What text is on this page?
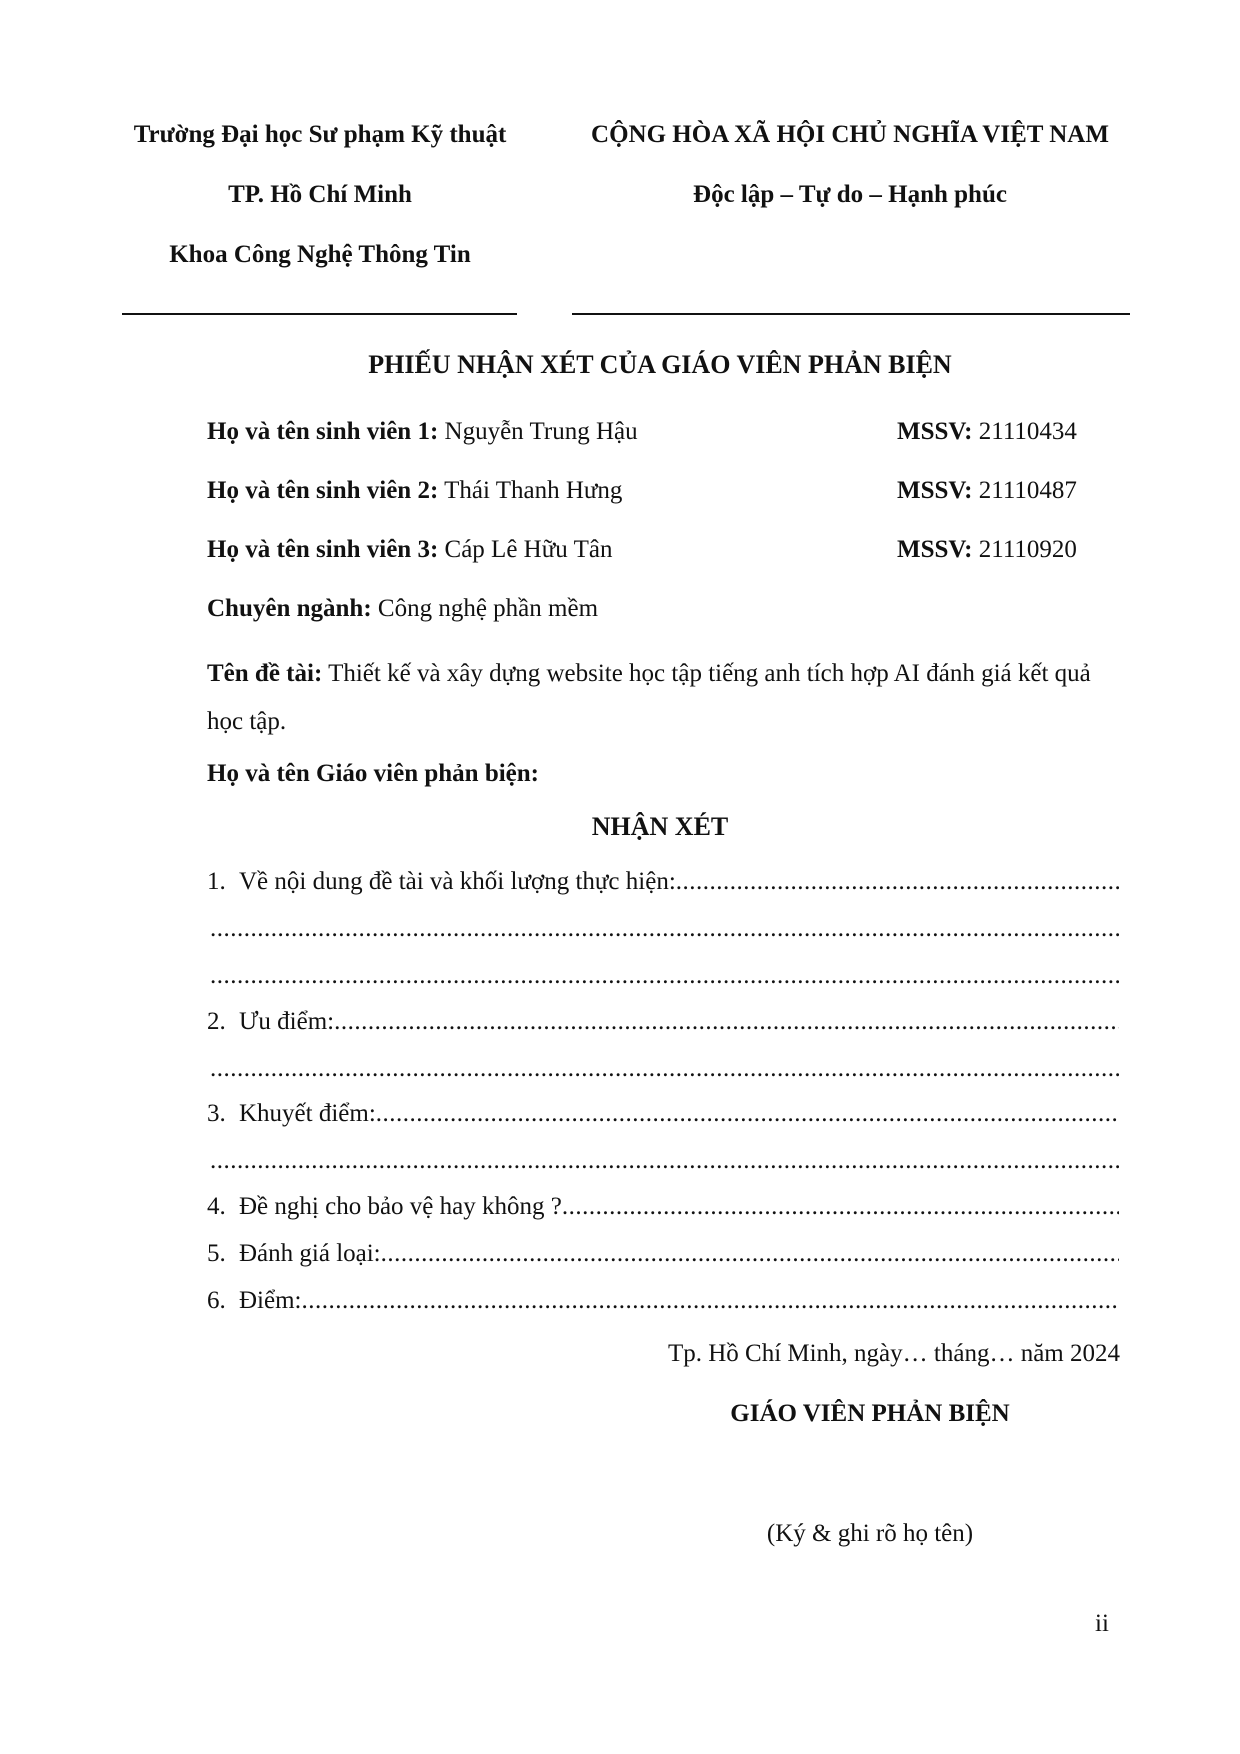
Trường Đại học Sư phạm Kỹ thuật
TP. Hồ Chí Minh
Khoa Công Nghệ Thông Tin
CỘNG HÒA XÃ HỘI CHỦ NGHĨA VIỆT NAM
Độc lập – Tự do – Hạnh phúc
PHIẾU NHẬN XÉT CỦA GIÁO VIÊN PHẢN BIỆN
Họ và tên sinh viên 1: Nguyễn Trung Hậu	MSSV: 21110434
Họ và tên sinh viên 2: Thái Thanh Hưng	MSSV: 21110487
Họ và tên sinh viên 3: Cáp Lê Hữu Tân	MSSV: 21110920
Chuyên ngành: Công nghệ phần mềm
Tên đề tài: Thiết kế và xây dựng website học tập tiếng anh tích hợp AI đánh giá kết quả học tập.
Họ và tên Giáo viên phản biện:
NHẬN XÉT
1. Về nội dung đề tài và khối lượng thực hiện:
.....
.....
.....
2. Ưu điểm:
.....
.....
3. Khuyết điểm:
.....
.....
4. Đề nghị cho bảo vệ hay không ?
.....
5. Đánh giá loại:
.....
6. Điểm:
.....
Tp. Hồ Chí Minh, ngày… tháng… năm 2024
GIÁO VIÊN PHẢN BIỆN
(Ký & ghi rõ họ tên)
ii
